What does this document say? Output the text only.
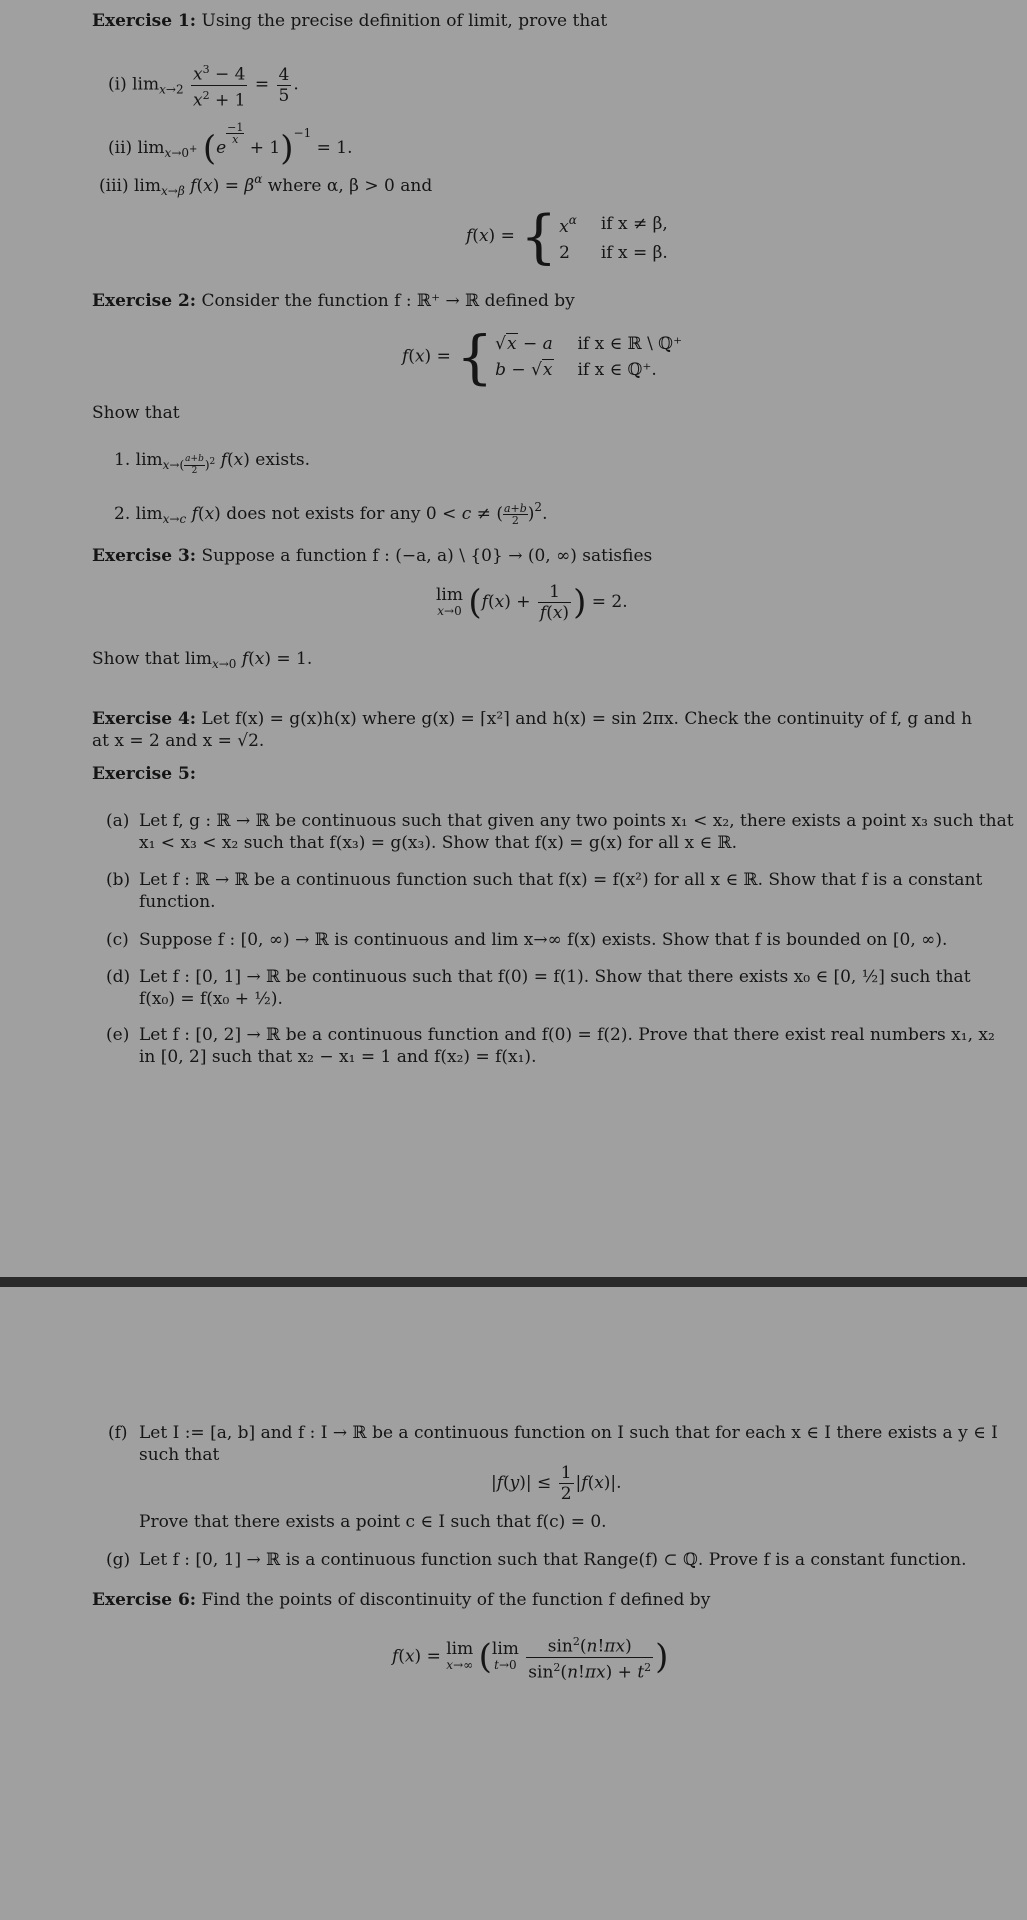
Exercise 1: Using the precise definition of limit, prove that
(i) $\lim_{x\to 2} \frac{x^3 - 4}{x^2 + 1} = \frac{4}{5}$ .
(ii) $\lim_{x\to 0^+} (e$
$\frac{-1}{x}$
+ 1)$^{-1}$ = 1.
(iii) $\lim_{x\to\beta} f(x) = \beta^\alpha$ where α, β > 0 and
f(x) = { $x^\alpha$	if x ≠ β,
2	if x = β.
Exercise 2: Consider the function f : ℝ⁺ → ℝ defined by
f(x) = { √x − a	if x ∈ ℝ \ ℚ⁺
b − √x	if x ∈ ℚ⁺.
Show that
1. $\lim_{x\to( \frac{a+b}{2} )^2} f(x)$ exists.
2. $\lim_{x\to c} f(x)$ does not exists for any 0 < c ≠ ( $\frac{a+b}{2} )^2$.
Exercise 3: Suppose a function f : (−a, a) \ {0} → (0, ∞) satisfies
lim
x→0 ($f(x) + \frac{1}{f(x)}$ ) = 2.
Show that $\lim_{x\to 0} f(x) = 1$.
Exercise 4: Let f(x) = g(x)h(x) where g(x) = ⌈x²⌉ and h(x) = sin 2πx. Check the continuity of f, g and h
at x = 2 and x = √2.
Exercise 5:
(a) Let f, g : ℝ → ℝ be continuous such that given any two points x₁ < x₂, there exists a point x₃ such that
x₁ < x₃ < x₂ such that f(x₃) = g(x₃). Show that f(x) = g(x) for all x ∈ ℝ.
(b) Let f : ℝ → ℝ be a continuous function such that f(x) = f(x²) for all x ∈ ℝ. Show that f is a constant
function.
(c) Suppose f : [0, ∞) → ℝ is continuous and lim x→∞ f(x) exists. Show that f is bounded on [0, ∞).
(d) Let f : [0, 1] → ℝ be continuous such that f(0) = f(1). Show that there exists x₀ ∈ [0, ½] such that
f(x₀) = f(x₀ + ½).
(e) Let f : [0, 2] → ℝ be a continuous function and f(0) = f(2). Prove that there exist real numbers x₁, x₂
in [0, 2] such that x₂ − x₁ = 1 and f(x₂) = f(x₁).
(f) Let I := [a, b] and f : I → ℝ be a continuous function on I such that for each x ∈ I there exists a y ∈ I
such that
$|f(y)| \le \frac{1}{2} |f(x)|$.
Prove that there exists a point c ∈ I such that f(c) = 0.
(g) Let f : [0, 1] → ℝ is a continuous function such that Range(f) ⊂ ℚ. Prove f is a constant function.
Exercise 6: Find the points of discontinuity of the function f defined by
f(x) = lim
x→∞ ( lim
t→0
$\frac{\sin^2(n!\pi x)}{\sin^2(n!\pi x) + t^2}$ )
